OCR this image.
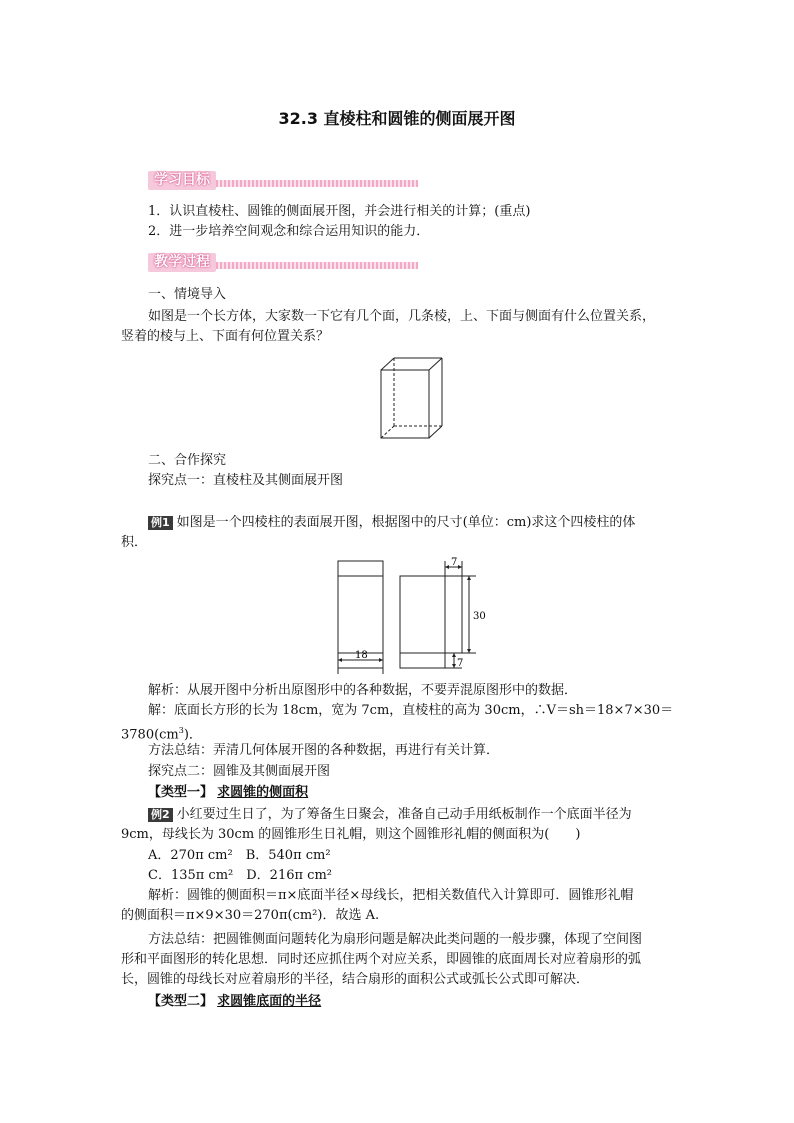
32.3 直棱柱和圆锥的侧面展开图
学习目标
1．认识直棱柱、圆锥的侧面展开图，并会进行相关的计算；(重点)
2．进一步培养空间观念和综合运用知识的能力．
教学过程
一、情境导入
如图是一个长方体，大家数一下它有几个面，几条棱，上、下面与侧面有什么位置关系，
竖着的棱与上、下面有何位置关系？
二、合作探究
探究点一：直棱柱及其侧面展开图
例1 如图是一个四棱柱的表面展开图，根据图中的尺寸(单位：cm)求这个四棱柱的体
积．
7
30
7
18
解析：从展开图中分析出原图形中的各种数据，不要弄混原图形中的数据．
解：底面长方形的长为 18cm，宽为 7cm，直棱柱的高为 30cm，∴V＝sh＝18×7×30＝
$3780(cm^3)$．
方法总结：弄清几何体展开图的各种数据，再进行有关计算．
探究点二：圆锥及其侧面展开图
【类型一】 求圆锥的侧面积
例2 小红要过生日了，为了筹备生日聚会，准备自己动手用纸板制作一个底面半径为
9cm，母线长为 30cm 的圆锥形生日礼帽，则这个圆锥形礼帽的侧面积为(　　)
A．270π cm²　B．540π cm²
C．135π cm²　D．216π cm²
解析：圆锥的侧面积＝π×底面半径×母线长，把相关数值代入计算即可．圆锥形礼帽
的侧面积＝π×9×30＝270π(cm²)．故选 A.
方法总结：把圆锥侧面问题转化为扇形问题是解决此类问题的一般步骤，体现了空间图
形和平面图形的转化思想．同时还应抓住两个对应关系，即圆锥的底面周长对应着扇形的弧
长，圆锥的母线长对应着扇形的半径，结合扇形的面积公式或弧长公式即可解决．
【类型二】 求圆锥底面的半径
